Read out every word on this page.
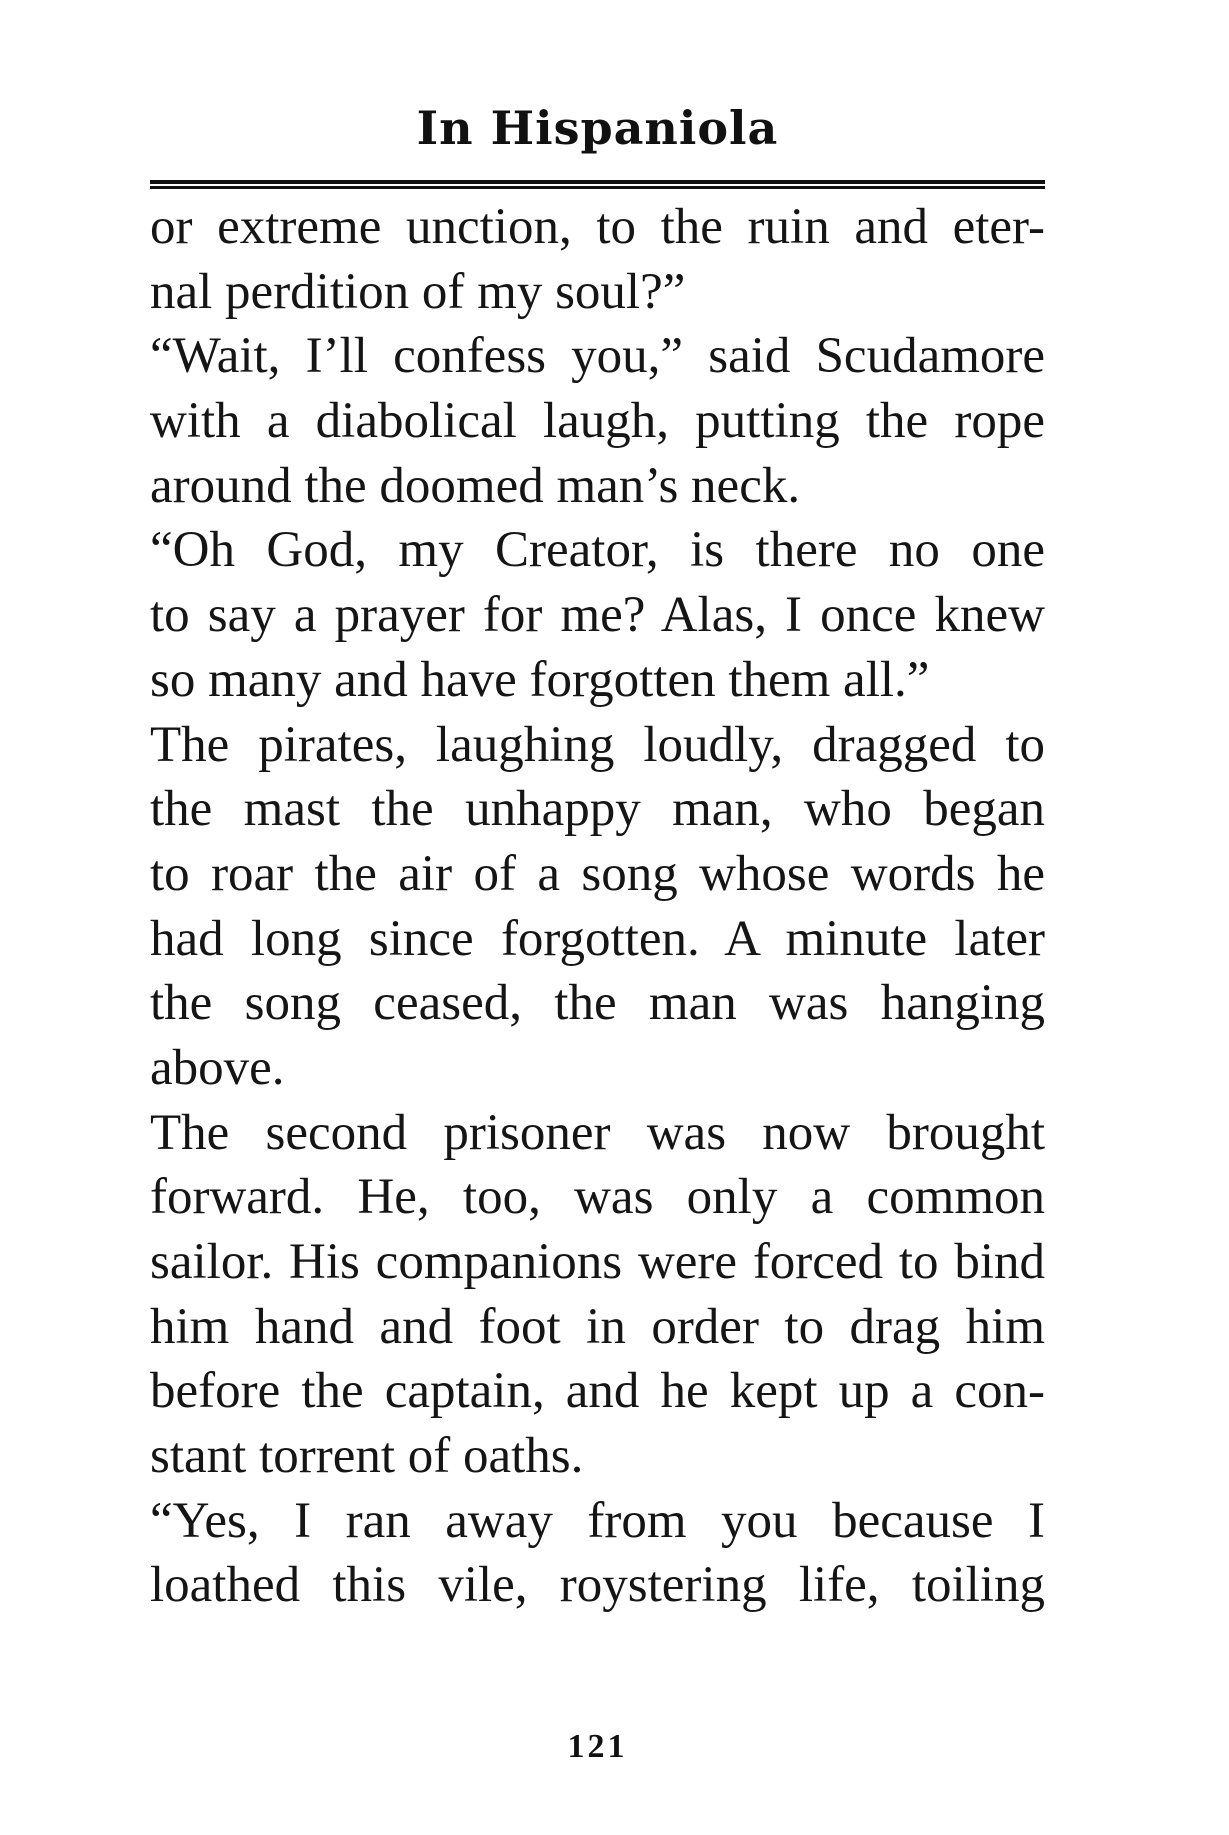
In Hispaniola
or extreme unction, to the ruin and eter-
nal perdition of my soul?”
“Wait, I’ll confess you,” said Scudamore
with a diabolical laugh, putting the rope
around the doomed man’s neck.
“Oh God, my Creator, is there no one
to say a prayer for me? Alas, I once knew
so many and have forgotten them all.”
The pirates, laughing loudly, dragged to
the mast the unhappy man, who began
to roar the air of a song whose words he
had long since forgotten. A minute later
the song ceased, the man was hanging
above.
The second prisoner was now brought
forward. He, too, was only a common
sailor. His companions were forced to bind
him hand and foot in order to drag him
before the captain, and he kept up a con-
stant torrent of oaths.
“Yes, I ran away from you because I
loathed this vile, roystering life, toiling
121
